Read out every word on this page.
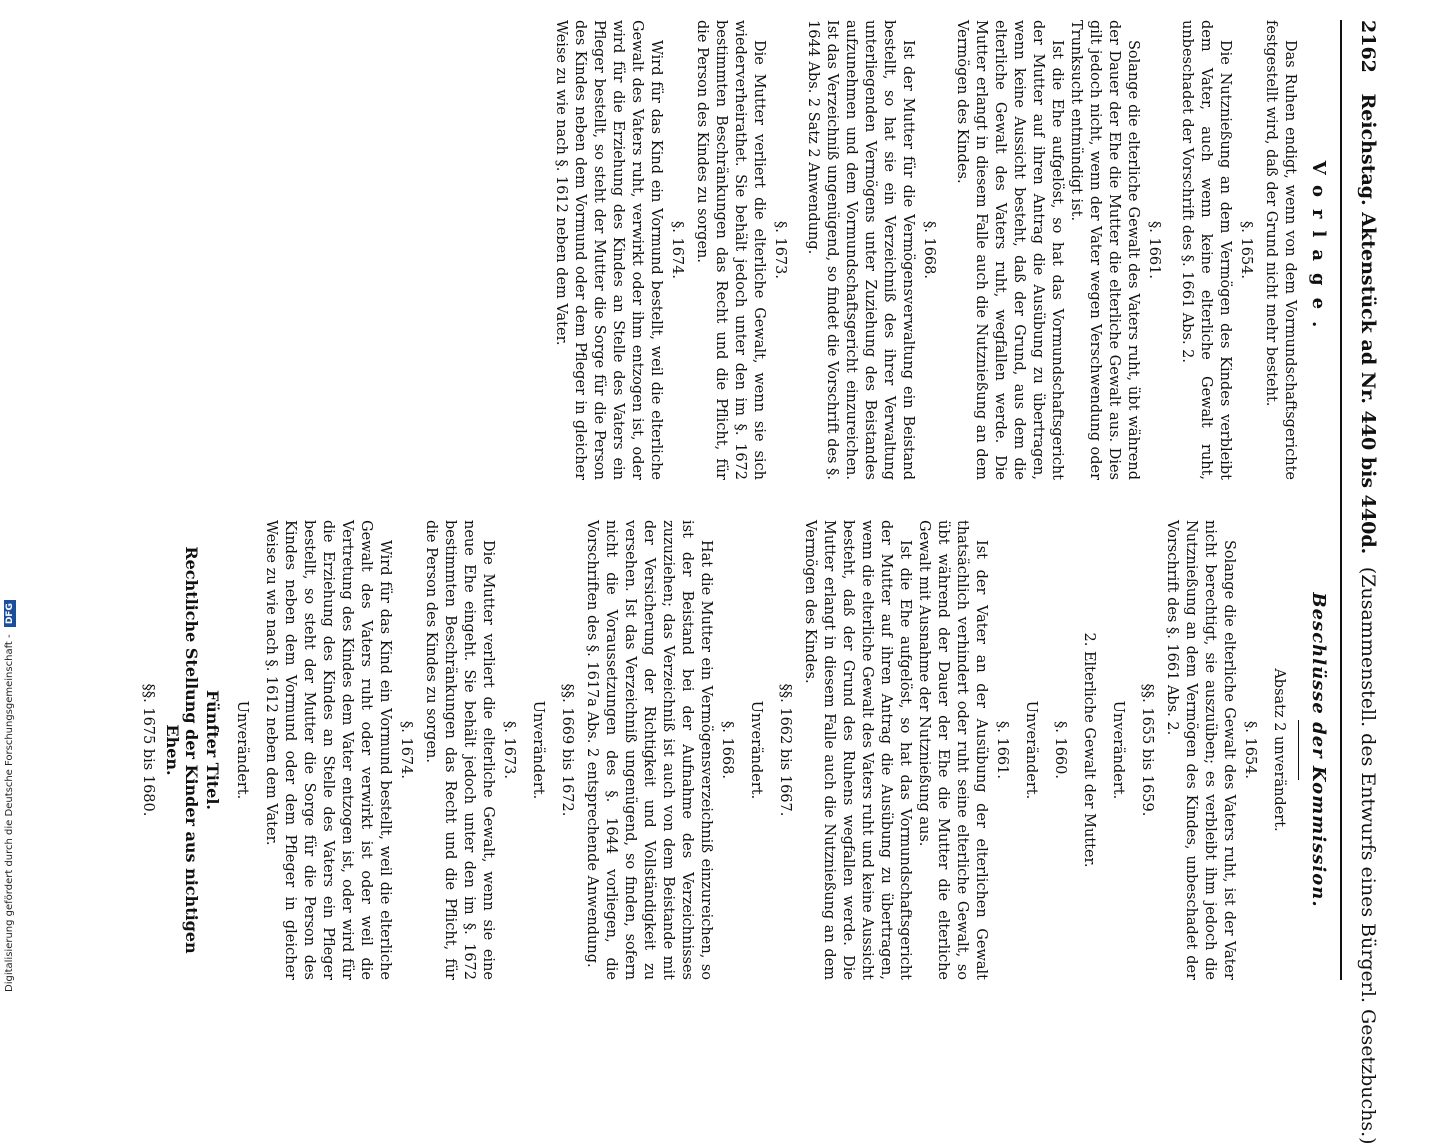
2162 Reichstag. Aktenstück ad Nr. 440 bis 440d. (Zusammenstell. des Entwurfs eines Bürgerl. Gesetzbuchs.)
Vorlage.

Das Ruhen endigt, wenn von dem Vormundschaftsgerichte festgestellt wird, daß der Grund nicht mehr besteht.

§. 1654.

Die Nutznießung an dem Vermögen des Kindes verbleibt dem Vater, auch wenn keine elterliche Gewalt ruht, unbeschadet der Vorschrift des §. 1661 Abs. 2.

§. 1661.

Solange die elterliche Gewalt des Vaters ruht, übt während der Dauer der Ehe die Mutter die elterliche Gewalt aus. Dies gilt jedoch nicht, wenn der Vater wegen Verschwendung oder Trunksucht entmündigt ist.

Ist die Ehe aufgelöst, so hat das Vormundschaftsgericht der Mutter auf ihren Antrag die Ausübung zu übertragen, wenn keine Aussicht besteht, daß der Grund, aus dem die elterliche Gewalt des Vaters ruht, wegfallen werde. Die Mutter erlangt in diesem Falle auch die Nutznießung an dem Vermögen des Kindes.

§. 1668.

Ist der Mutter für die Vermögensverwaltung ein Beistand bestellt, so hat sie ein Verzeichniß des ihrer Verwaltung unterliegenden Vermögens unter Zuziehung des Beistandes aufzunehmen und dem Vormundschaftsgericht einzureichen. Ist das Verzeichniß ungenügend, so findet die Vorschrift des §. 1644 Abs. 2 Satz 2 Anwendung.

§. 1673.

Die Mutter verliert die elterliche Gewalt, wenn sie sich wiederverheirathet. Sie behält jedoch unter den im §. 1672 bestimmten Beschränkungen das Recht und die Pflicht, für die Person des Kindes zu sorgen.

§. 1674.

Wird für das Kind ein Vormund bestellt, weil die elterliche Gewalt des Vaters ruht, verwirkt oder ihm entzogen ist, oder wird für die Erziehung des Kindes an Stelle des Vaters ein Pfleger bestellt, so steht der Mutter die Sorge für die Person des Kindes neben dem Vormund oder dem Pfleger in gleicher Weise zu wie nach §. 1612 neben dem Vater.

Beschlüsse der Kommission.
Absatz 2 unverändert.
§. 1654.

Solange die elterliche Gewalt des Vaters ruht, ist der Vater nicht berechtigt, sie auszuüben; es verbleibt ihm jedoch die Nutznießung an dem Vermögen des Kindes, unbeschadet der Vorschrift des §. 1661 Abs. 2.

§§. 1655 bis 1659.
Unverändert.
2. Elterliche Gewalt der Mutter.
§. 1660.
Unverändert.
§. 1661.

Ist der Vater an der Ausübung der elterlichen Gewalt thatsächlich verhindert oder ruht seine elterliche Gewalt, so übt während der Dauer der Ehe die Mutter die elterliche Gewalt mit Ausnahme der Nutznießung aus.

Ist die Ehe aufgelöst, so hat das Vormundschaftsgericht der Mutter auf ihren Antrag die Ausübung zu übertragen, wenn die elterliche Gewalt des Vaters ruht und keine Aussicht besteht, daß der Grund des Ruhens wegfallen werde. Die Mutter erlangt in diesem Falle auch die Nutznießung an dem Vermögen des Kindes.

§§. 1662 bis 1667.
Unverändert.
§. 1668.

Hat die Mutter ein Vermögensverzeichniß einzureichen, so ist der Beistand bei der Aufnahme des Verzeichnisses zuzuziehen; das Verzeichniß ist auch von dem Beistande mit der Versicherung der Richtigkeit und Vollständigkeit zu versehen. Ist das Verzeichniß ungenügend, so finden, sofern nicht die Voraussetzungen des §. 1644 vorliegen, die Vorschriften des §. 1617a Abs. 2 entsprechende Anwendung.

§§. 1669 bis 1672.
Unverändert.
§. 1673.

Die Mutter verliert die elterliche Gewalt, wenn sie eine neue Ehe eingeht. Sie behält jedoch unter den im §. 1672 bestimmten Beschränkungen das Recht und die Pflicht, für die Person des Kindes zu sorgen.

§. 1674.

Wird für das Kind ein Vormund bestellt, weil die elterliche Gewalt des Vaters ruht oder verwirkt ist oder weil die Vertretung des Kindes dem Vater entzogen ist, oder wird für die Erziehung des Kindes an Stelle des Vaters ein Pfleger bestellt, so steht der Mutter die Sorge für die Person des Kindes neben dem Vormund oder dem Pfleger in gleicher Weise zu wie nach §. 1612 neben dem Vater.

Unverändert.
Fünfter Titel.
Rechtliche Stellung der Kinder aus nichtigen Ehen.
§§. 1675 bis 1680.
Digitalisierung gefördert durch die Deutsche Forschungsgemeinschaft - DFG
